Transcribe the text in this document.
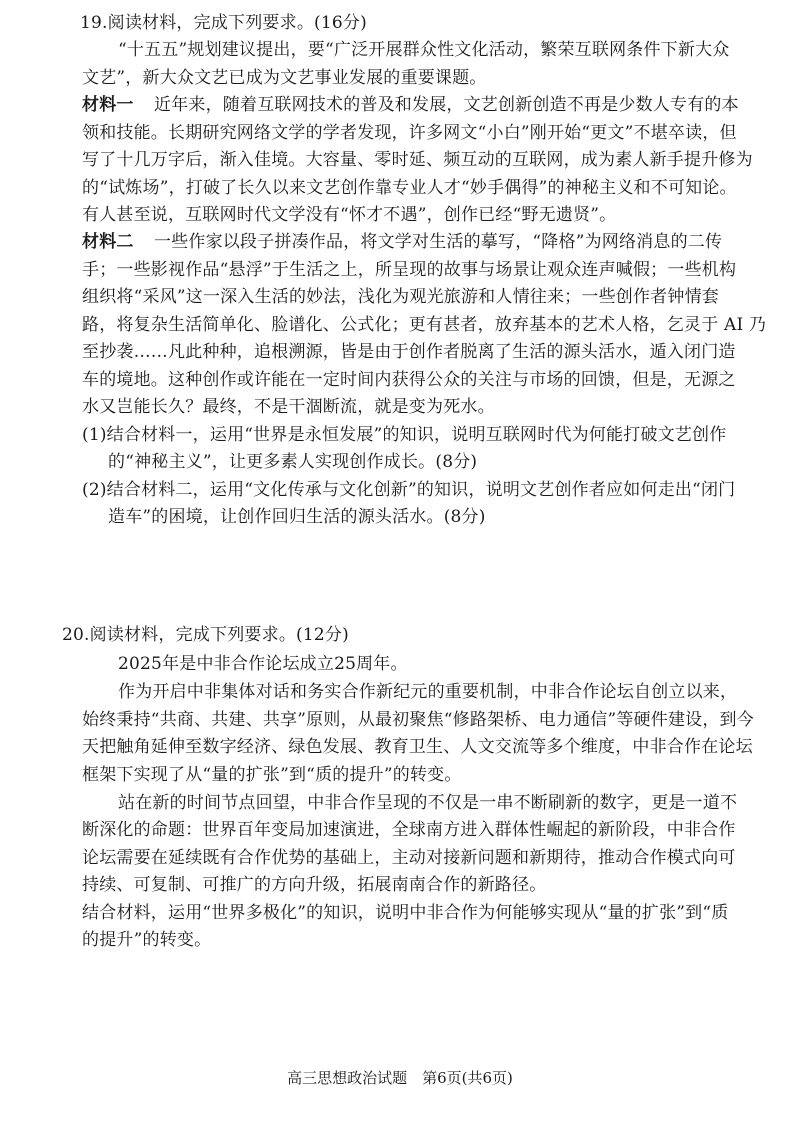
19.阅读材料，完成下列要求。(16分)
“十五五”规划建议提出，要“广泛开展群众性文化活动，繁荣互联网条件下新大众
文艺”，新大众文艺已成为文艺事业发展的重要课题。
材料一 近年来，随着互联网技术的普及和发展，文艺创新创造不再是少数人专有的本
领和技能。长期研究网络文学的学者发现，许多网文“小白”刚开始“更文”不堪卒读，但
写了十几万字后，渐入佳境。大容量、零时延、频互动的互联网，成为素人新手提升修为
的“试炼场”，打破了长久以来文艺创作靠专业人才“妙手偶得”的神秘主义和不可知论。
有人甚至说，互联网时代文学没有“怀才不遇”，创作已经“野无遗贤”。
材料二 一些作家以段子拼凑作品，将文学对生活的摹写，“降格”为网络消息的二传
手；一些影视作品“悬浮”于生活之上，所呈现的故事与场景让观众连声喊假；一些机构
组织将“采风”这一深入生活的妙法，浅化为观光旅游和人情往来；一些创作者钟情套
路，将复杂生活简单化、脸谱化、公式化；更有甚者，放弃基本的艺术人格，乞灵于 AI 乃
至抄袭……凡此种种，追根溯源，皆是由于创作者脱离了生活的源头活水，遁入闭门造
车的境地。这种创作或许能在一定时间内获得公众的关注与市场的回馈，但是，无源之
水又岂能长久？最终，不是干涸断流，就是变为死水。
(1)结合材料一，运用“世界是永恒发展”的知识，说明互联网时代为何能打破文艺创作
的“神秘主义”，让更多素人实现创作成长。(8分)
(2)结合材料二，运用“文化传承与文化创新”的知识，说明文艺创作者应如何走出“闭门
造车”的困境，让创作回归生活的源头活水。(8分)
20.阅读材料，完成下列要求。(12分)
2025年是中非合作论坛成立25周年。
作为开启中非集体对话和务实合作新纪元的重要机制，中非合作论坛自创立以来，
始终秉持“共商、共建、共享”原则，从最初聚焦“修路架桥、电力通信”等硬件建设，到今
天把触角延伸至数字经济、绿色发展、教育卫生、人文交流等多个维度，中非合作在论坛
框架下实现了从“量的扩张”到“质的提升”的转变。
站在新的时间节点回望，中非合作呈现的不仅是一串不断刷新的数字，更是一道不
断深化的命题：世界百年变局加速演进，全球南方进入群体性崛起的新阶段，中非合作
论坛需要在延续既有合作优势的基础上，主动对接新问题和新期待，推动合作模式向可
持续、可复制、可推广的方向升级，拓展南南合作的新路径。
结合材料，运用“世界多极化”的知识，说明中非合作为何能够实现从“量的扩张”到“质
的提升”的转变。
高三思想政治试题　第6页(共6页)
